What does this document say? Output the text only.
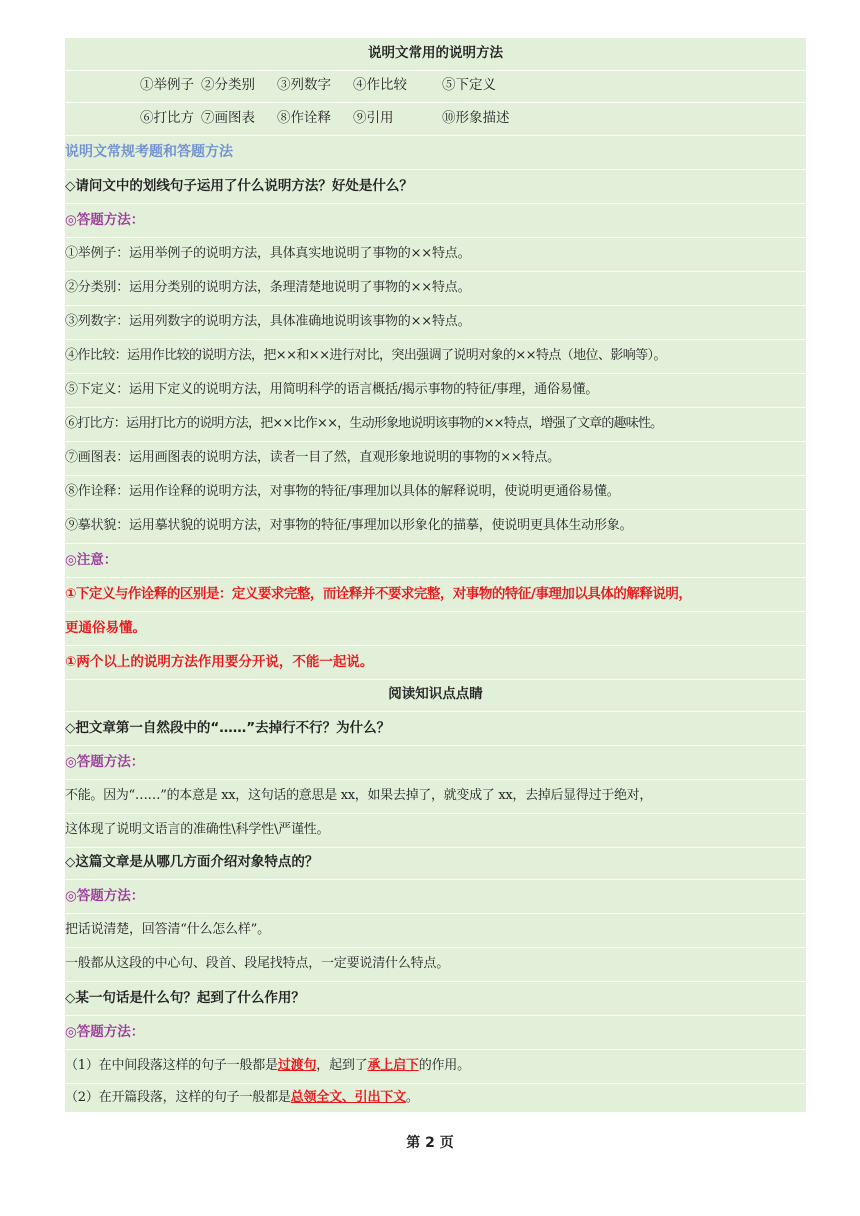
说明文常用的说明方法
①举例子 ②分类别 ③列数字 ④作比较	⑤下定义
⑥打比方 ⑦画图表 ⑧作诠释 ⑨引用	⑩形象描述
说明文常规考题和答题方法
◇请问文中的划线句子运用了什么说明方法？好处是什么？
◎答题方法：
①举例子：运用举例子的说明方法，具体真实地说明了事物的××特点。
②分类别：运用分类别的说明方法，条理清楚地说明了事物的××特点。
③列数字：运用列数字的说明方法，具体准确地说明该事物的××特点。
④作比较：运用作比较的说明方法，把××和××进行对比，突出强调了说明对象的××特点（地位、影响等）。
⑤下定义：运用下定义的说明方法，用简明科学的语言概括/揭示事物的特征/事理，通俗易懂。
⑥打比方：运用打比方的说明方法，把××比作××，生动形象地说明该事物的××特点，增强了文章的趣味性。
⑦画图表：运用画图表的说明方法，读者一目了然，直观形象地说明的事物的××特点。
⑧作诠释：运用作诠释的说明方法，对事物的特征/事理加以具体的解释说明，使说明更通俗易懂。
⑨摹状貌：运用摹状貌的说明方法，对事物的特征/事理加以形象化的描摹，使说明更具体生动形象。
◎注意：
①下定义与作诠释的区别是：定义要求完整，而诠释并不要求完整，对事物的特征/事理加以具体的解释说明，
更通俗易懂。
①两个以上的说明方法作用要分开说，不能一起说。
阅读知识点点睛
◇把文章第一自然段中的“……”去掉行不行？为什么？
◎答题方法：
不能。因为“……”的本意是 xx，这句话的意思是 xx，如果去掉了，就变成了 xx，去掉后显得过于绝对，
这体现了说明文语言的准确性\科学性\严谨性。
◇这篇文章是从哪几方面介绍对象特点的？
◎答题方法：
把话说清楚，回答清“什么怎么样”。
一般都从这段的中心句、段首、段尾找特点，一定要说清什么特点。
◇某一句话是什么句？起到了什么作用？
◎答题方法：
（1）在中间段落这样的句子一般都是过渡句，起到了承上启下的作用。
（2）在开篇段落，这样的句子一般都是总领全文、引出下文。
第 2 页
